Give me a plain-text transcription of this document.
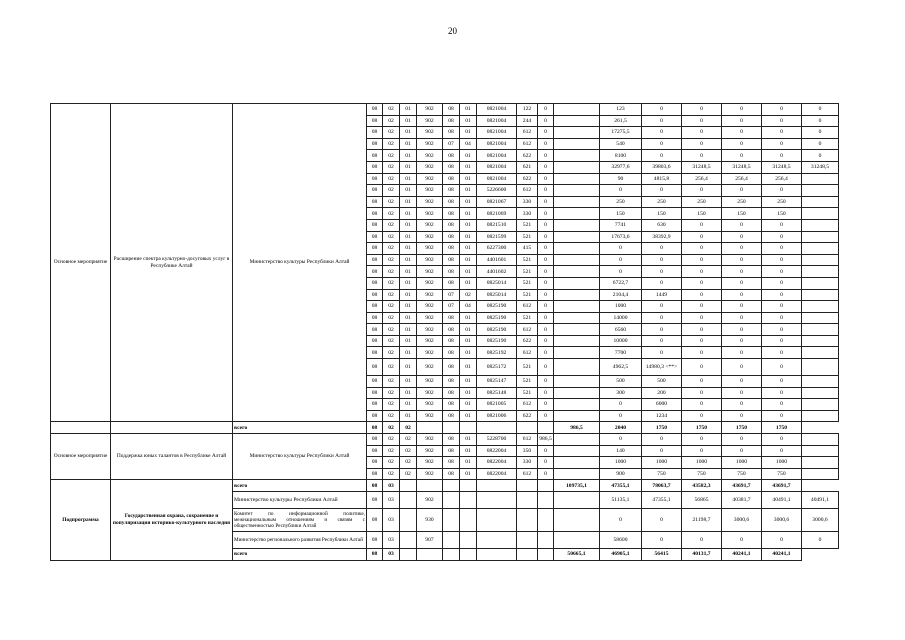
20
Основное мероприятие	Расширение спектра культурно-досуговых услуг в Республике Алтай	Министерство культуры Республики Алтай	08	02	01	902	08	01	0821004	122	0		123	0	0	0	0	0
			08	02	01	902	08	01	0821004	244	0		261,5	0	0	0	0	0
			08	02	01	902	08	01	0821004	612	0		17275,5	0	0	0	0	0
			08	02	01	902	07	04	0821004	612	0		540	0	0	0	0	0
			08	02	01	902	08	01	0821004	622	0		8100	0	0	0	0	0
			08	02	01	902	08	01	0821004	621	0		32977,6	39803,6	31248,5	31248,5	31248,5	31248,5
			08	02	01	902	08	01	0821004	622	0		90	4815,8	256,4	256,4	256,4	
			08	02	01	902	08	01	5226600	612	0		0	0	0	0	0	
			08	02	01	902	08	01	0821067	330	0		250	250	250	250	250	
			08	02	01	902	08	01	0821069	330	0		150	150	150	150	150	
			08	02	01	902	08	01	0821510	521	0		7741	630	0	0	0	
			08	02	01	902	08	01	0821599	521	0		17673,6	38392,9	0	0	0	
			08	02	01	902	08	01	6227300	415	0		0	0	0	0	0	
			08	02	01	902	08	01	4401601	521	0		0	0	0	0	0	
			08	02	01	902	08	01	4401602	521	0		0	0	0	0	0	
			08	02	01	902	08	01	0825014	521	0		6722,7	0	0	0	0	
			08	02	01	902	07	02	0825014	521	0		2104,4	1449	0	0	0	
			08	02	01	902	07	04	0825190	612	0		1000	0	0	0	0	
			08	02	01	902	08	01	0825190	521	0		14000	0	0	0	0	
			08	02	01	902	08	01	0825190	612	0		6560	0	0	0	0	
			08	02	01	902	08	01	0825190	622	0		10000	0	0	0	0	
			08	02	01	902	08	01	0825192	612	0		7700	0	0	0	0	
			08	02	01	902	08	01	0825172	521	0		4962,5	14980,3 <**>	0	0	0	
			08	02	01	902	08	01	0825147	521	0		500	500	0	0	0	
			08	02	01	902	08	01	0825148	521	0		300	200	0	0	0	
			08	02	01	902	08	01	0821005	612	0		0	6000	0	0	0	
			08	02	01	902	08	01	0821006	622	0		0	1234	0	0	0	
		всего	08	02	02							986,5	2040	1750	1750	1750	1750	
Основное мероприятие	Поддержка юных талантов в Республике Алтай	Министерство культуры Республики Алтай	08	02	02	902	08	01	5228700	612	986,5		0	0	0	0	0	
			08	02	02	902	08	01	0822004	350	0		140	0	0	0	0	
			08	02	02	902	08	01	0822004	330	0		1000	1000	1000	1000	1000	
			08	02	02	902	08	01	0822004	612	0		900	750	750	750	750	
Подпрограмма	Государственная охрана, сохранение и популяризация историко-культурного наследия	всего	08	03								109735,1	47355,1	78063,7	43582,3	43691,7	43691,7	
		Министерство культуры Республики Алтай	08	03		902							51135,1	47355,1	56865	40381,7	40491,1	40491,1
		Комитет по информационной политике, межнациональным отношениям и связям с общественностью Республики Алтай	08	03		930							0	0	21198,7	3000,6	3000,6	3000,6
		Министерство регионального развития Республики Алтай	08	03		907							58600	0	0	0	0	0
		всего	08	03								50665,1	46905,1	56415	40131,7	40241,1	40241,1	
